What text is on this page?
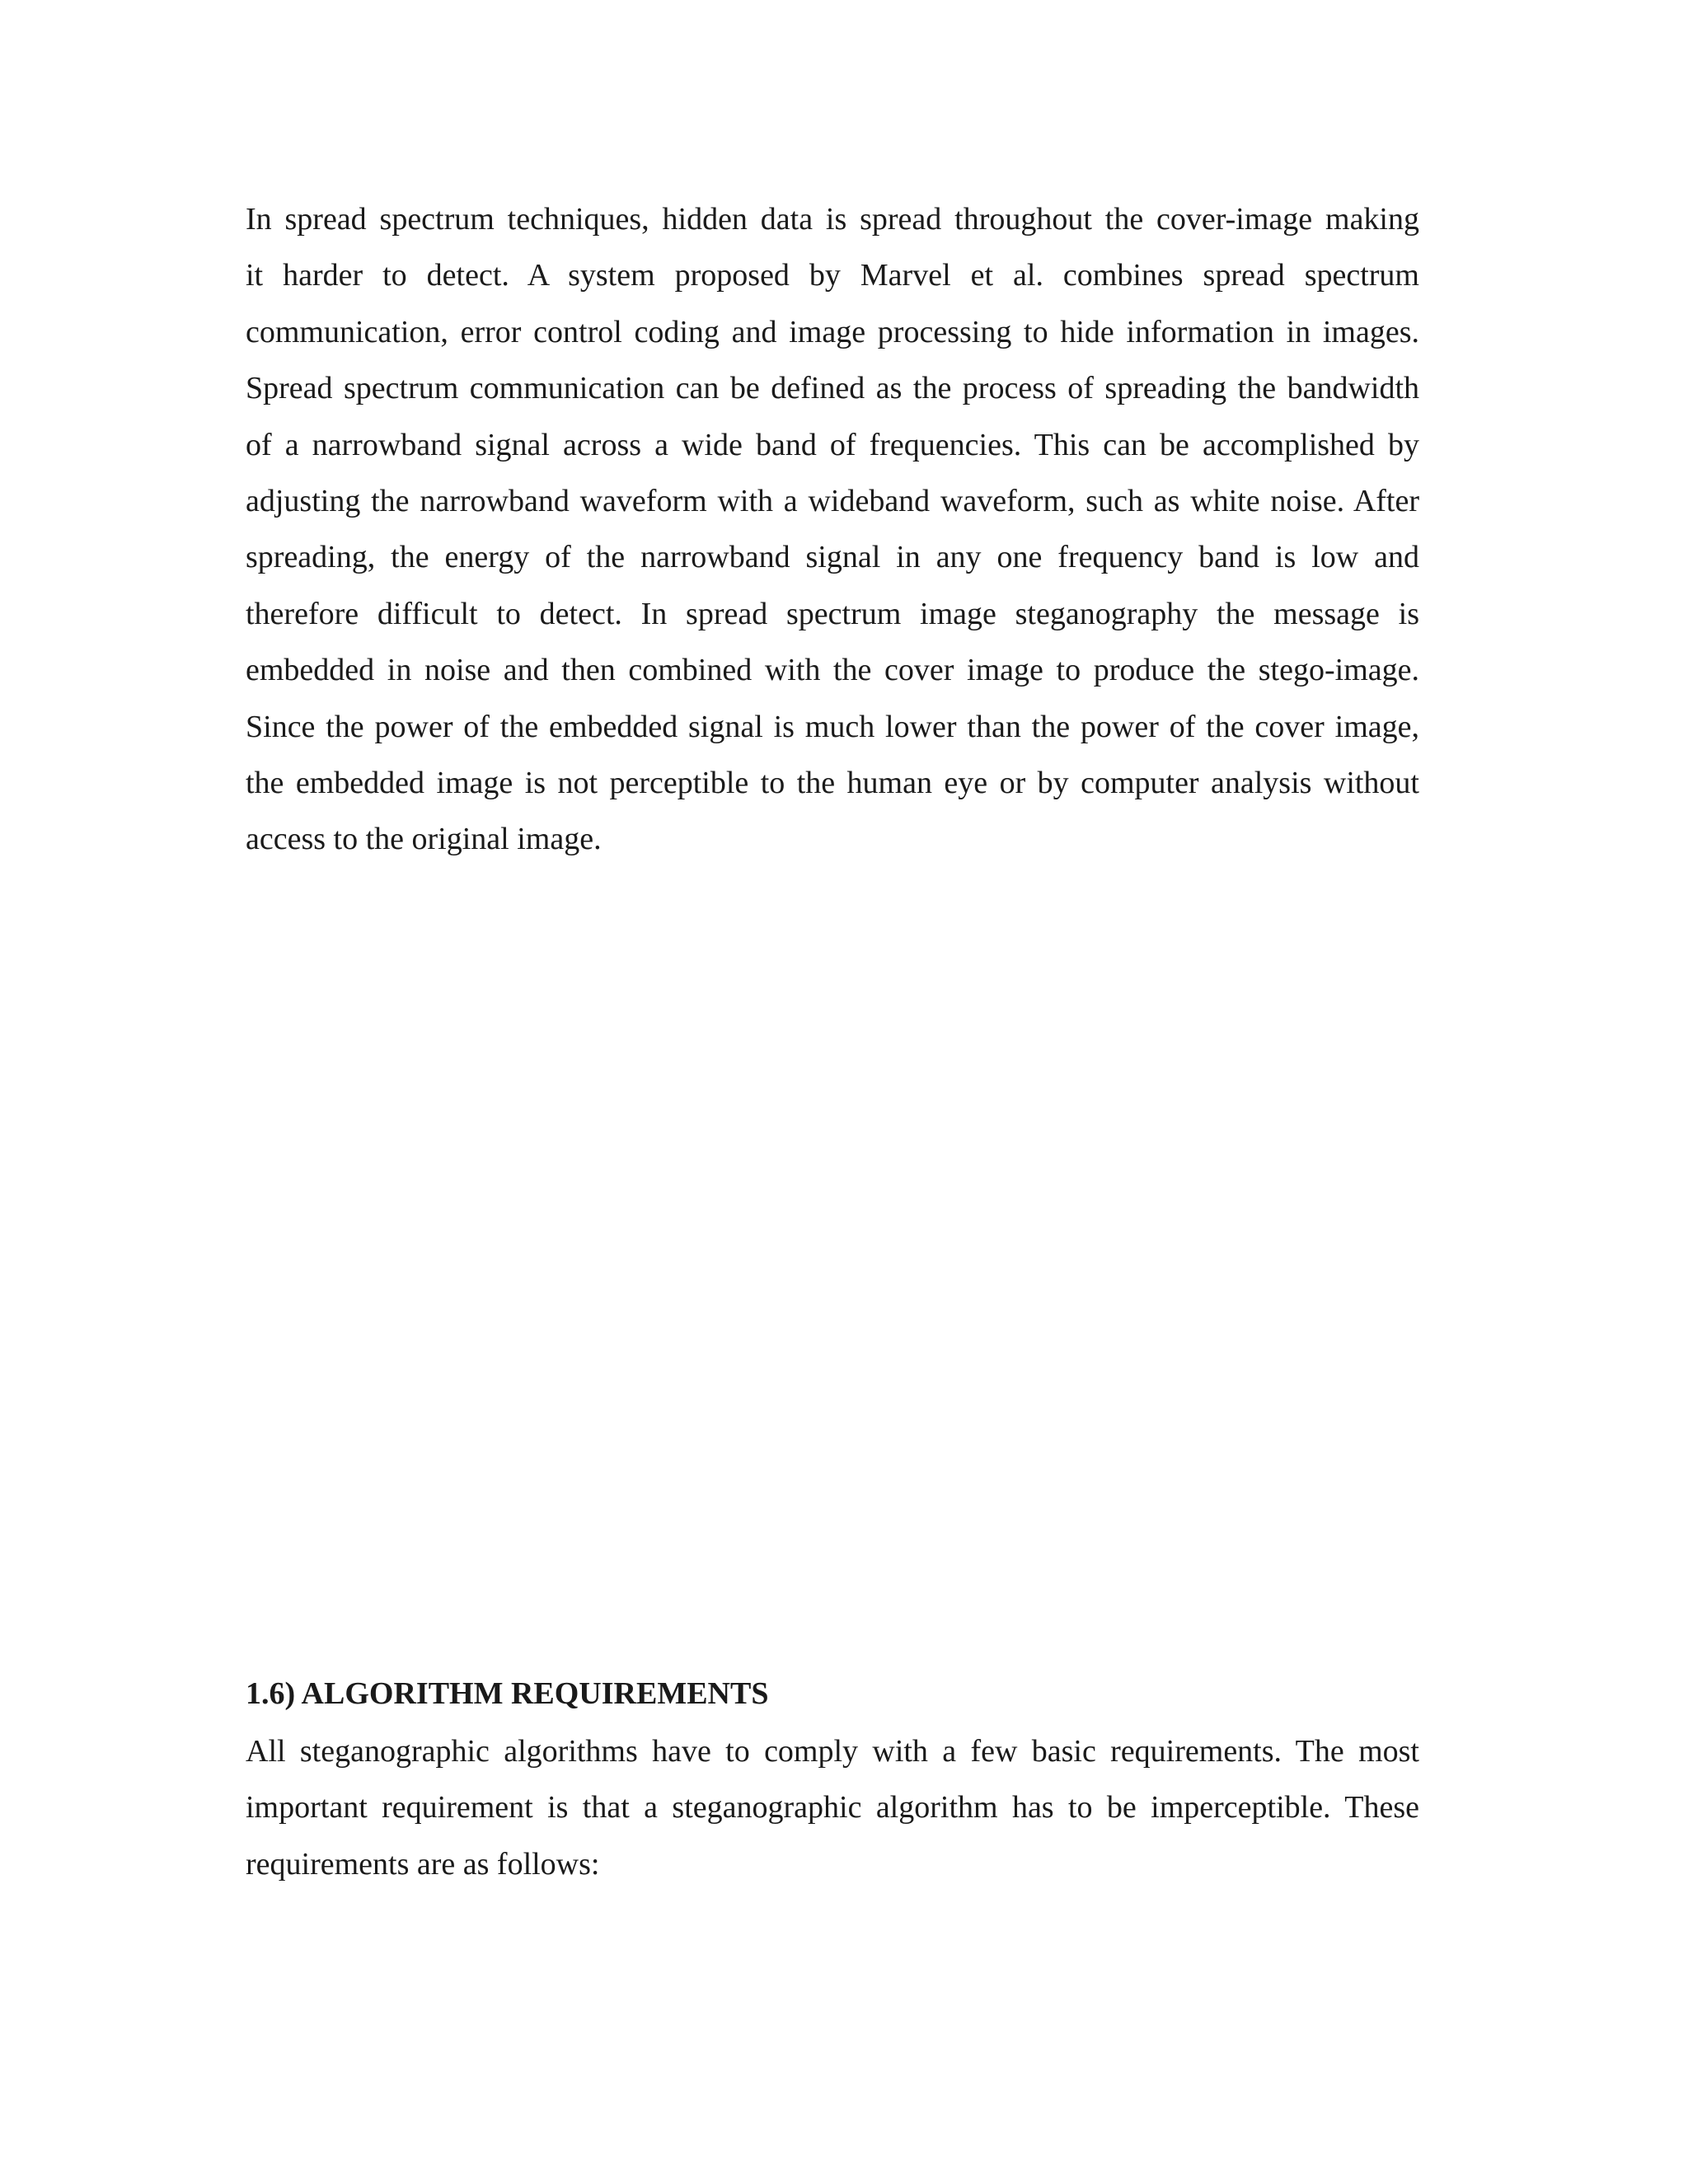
In spread spectrum techniques, hidden data is spread throughout the cover-image making
it harder to detect. A system proposed by Marvel et al. combines spread spectrum
communication, error control coding and image processing to hide information in images.
Spread spectrum communication can be defined as the process of spreading the bandwidth
of a narrowband signal across a wide band of frequencies. This can be accomplished by
adjusting the narrowband waveform with a wideband waveform, such as white noise. After
spreading, the energy of the narrowband signal in any one frequency band is low and
therefore difficult to detect. In spread spectrum image steganography the message is
embedded in noise and then combined with the cover image to produce the stego-image.
Since the power of the embedded signal is much lower than the power of the cover image,
the embedded image is not perceptible to the human eye or by computer analysis without
access to the original image.
1.6) ALGORITHM REQUIREMENTS
All steganographic algorithms have to comply with a few basic requirements. The most
important requirement is that a steganographic algorithm has to be imperceptible. These
requirements are as follows:
